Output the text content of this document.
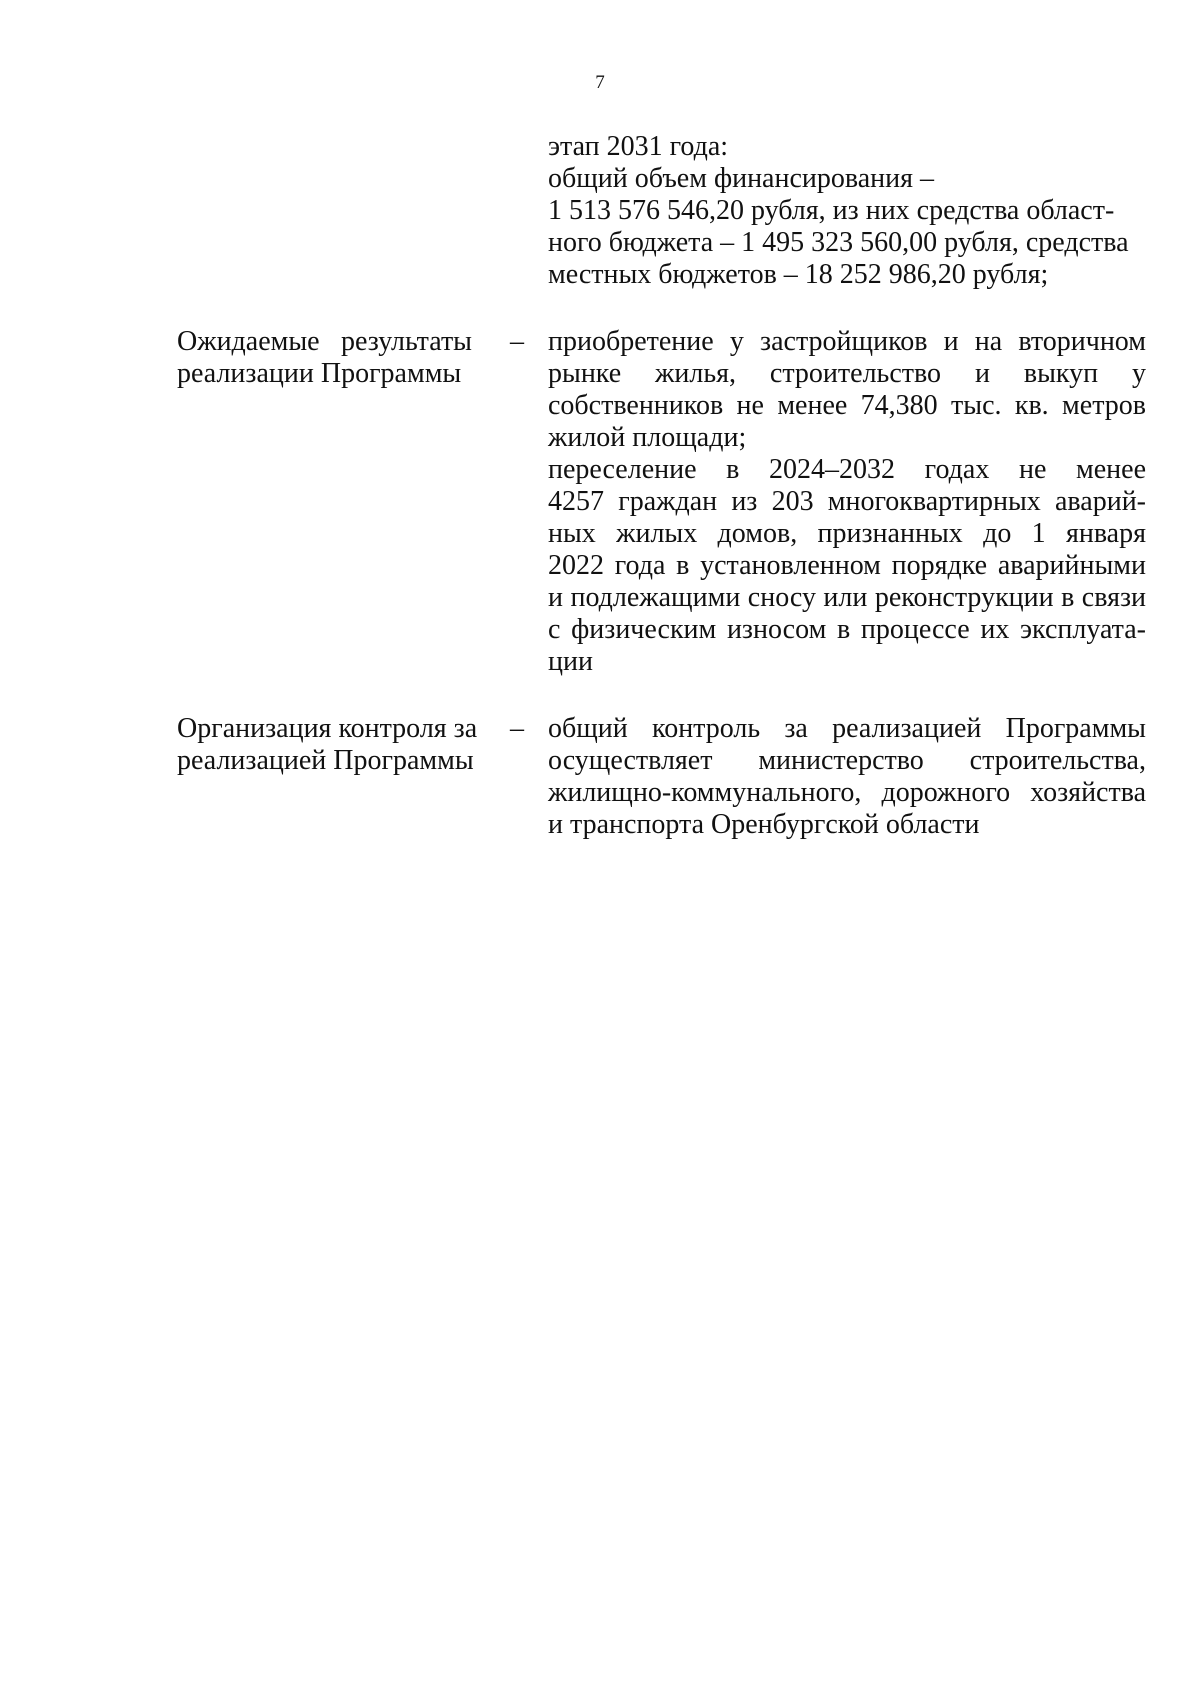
7
этап 2031 года:
общий объем финансирования –
1 513 576 546,20 рубля, из них средства област-
ного бюджета – 1 495 323 560,00 рубля, средства
местных бюджетов – 18 252 986,20 рубля;
Ожидаемые результаты
реализации Программы
– приобретение у застройщиков и на вторичном
рынке жилья, строительство и выкуп у
собственников не менее 74,380 тыс. кв. метров
жилой площади;
переселение в 2024–2032 годах не менее
4257 граждан из 203 многоквартирных аварий-
ных жилых домов, признанных до 1 января
2022 года в установленном порядке аварийными
и подлежащими сносу или реконструкции в связи
с физическим износом в процессе их эксплуата-
ции
Организация контроля за
реализацией Программы
– общий контроль за реализацией Программы
осуществляет министерство строительства,
жилищно-коммунального, дорожного хозяйства
и транспорта Оренбургской области
